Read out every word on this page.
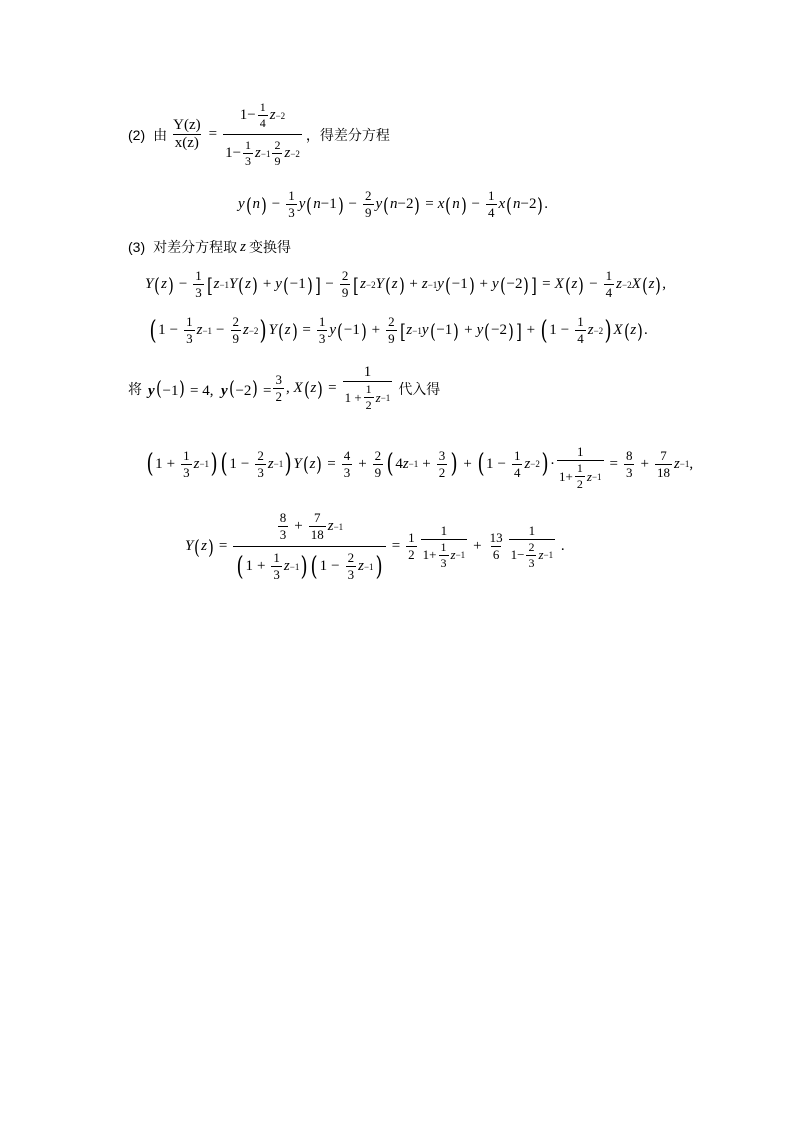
(2) 由 $\frac{Y(z)}{x(z)} = \frac{1- \frac{1}{4} z -2}{1- \frac{1}{3} z -1 \frac{2}{9} z -2}$ ，得差分方程
y ( n ) − $\frac{1}{3}$ y ( n −1 ) − $\frac{2}{9}$ y ( n −2 ) = x ( n ) − $\frac{1}{4}$ x ( n −2 ) .
(3) 对差分方程取 z 变换得
Y ( z ) − $\frac{1}{3}$ [ z −1 Y ( z ) + y ( −1 ) ] − $\frac{2}{9}$ [ z −2 Y ( z ) + z −1 y ( −1 ) + y ( −2 ) ] = X ( z ) − $\frac{1}{4}$ z −2 X ( z ) ,
( $1 - \frac{1}{3}$ $z -1 - \frac{2}{9}$ z −2 ) Y ( z ) = $\frac{1}{3}$ y ( −1 ) + $\frac{2}{9}$ [ z −1 y ( −1 ) + y ( −2 ) ] + ( $1 - \frac{1}{4}$ z −2 ) X ( z ) .
将 y(−1) = 4,  $y(-2) = \frac{3}{2}$ , X ( z ) = $\frac{1}{1 + \frac{1}{2} z -1}$ 代入得
( $1 + \frac{1}{3}$ z −1 ) ( $1 - \frac{2}{3}$ z −1 ) Y ( z ) = $\frac{4}{3} + \frac{2}{9}$ ( 4 $z -1 + \frac{3}{2}$ ) + ( $1 - \frac{1}{4}$ z −2 ) · $\frac{1}{1+ \frac{1}{2} z -1} = \frac{8}{3} + \frac{7}{18}$ z −1 ,
Y ( z ) = $\frac{\frac{8}{3} + \frac{7}{18} z -1}{( 1 + \frac{1}{3} z -1 ) ( 1 - \frac{2}{3} z -1 )} = \frac{1}{2} \frac{1}{1+ \frac{1}{3} z -1} + \frac{13}{6} \frac{1}{1- \frac{2}{3} z -1}$ .
